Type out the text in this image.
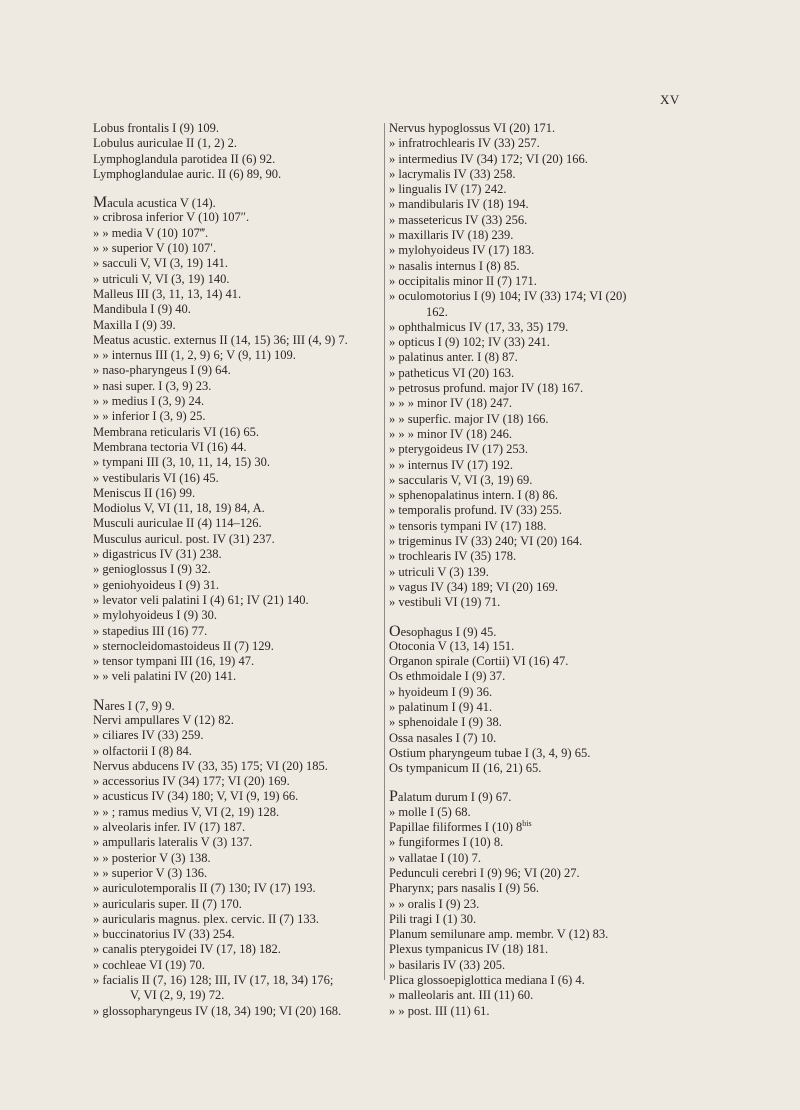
XV
Lobus frontalis I (9) 109.
Lobulus auriculae II (1, 2) 2.
Lymphoglandula parotidea II (6) 92.
Lymphoglandulae auric. II (6) 89, 90.
Macula acustica V (14).
» cribrosa inferior V (10) 107″.
» » media V (10) 107‴.
» » superior V (10) 107′.
» sacculi V, VI (3, 19) 141.
» utriculi V, VI (3, 19) 140.
Malleus III (3, 11, 13, 14) 41.
Mandibula I (9) 40.
Maxilla I (9) 39.
Meatus acustic. externus II (14, 15) 36; III (4, 9) 7.
» » internus III (1, 2, 9) 6; V (9, 11) 109.
» naso-pharyngeus I (9) 64.
» nasi super. I (3, 9) 23.
» » medius I (3, 9) 24.
» » inferior I (3, 9) 25.
Membrana reticularis VI (16) 65.
Membrana tectoria VI (16) 44.
» tympani III (3, 10, 11, 14, 15) 30.
» vestibularis VI (16) 45.
Meniscus II (16) 99.
Modiolus V, VI (11, 18, 19) 84, A.
Musculi auriculae II (4) 114–126.
Musculus auricul. post. IV (31) 237.
» digastricus IV (31) 238.
» genioglossus I (9) 32.
» geniohyoideus I (9) 31.
» levator veli palatini I (4) 61; IV (21) 140.
» mylohyoideus I (9) 30.
» stapedius III (16) 77.
» sternocleidomastoideus II (7) 129.
» tensor tympani III (16, 19) 47.
» » veli palatini IV (20) 141.
Nares I (7, 9) 9.
Nervi ampullares V (12) 82.
» ciliares IV (33) 259.
» olfactorii I (8) 84.
Nervus abducens IV (33, 35) 175; VI (20) 185.
» accessorius IV (34) 177; VI (20) 169.
» acusticus IV (34) 180; V, VI (9, 19) 66.
» » ; ramus medius V, VI (2, 19) 128.
» alveolaris infer. IV (17) 187.
» ampullaris lateralis V (3) 137.
» » posterior V (3) 138.
» » superior V (3) 136.
» auriculotemporalis II (7) 130; IV (17) 193.
» auricularis super. II (7) 170.
» auricularis magnus. plex. cervic. II (7) 133.
» buccinatorius IV (33) 254.
» canalis pterygoidei IV (17, 18) 182.
» cochleae VI (19) 70.
» facialis II (7, 16) 128; III, IV (17, 18, 34) 176;
V, VI (2, 9, 19) 72.
» glossopharyngeus IV (18, 34) 190; VI (20) 168.
Nervus hypoglossus VI (20) 171.
» infratrochlearis IV (33) 257.
» intermedius IV (34) 172; VI (20) 166.
» lacrymalis IV (33) 258.
» lingualis IV (17) 242.
» mandibularis IV (18) 194.
» massetericus IV (33) 256.
» maxillaris IV (18) 239.
» mylohyoideus IV (17) 183.
» nasalis internus I (8) 85.
» occipitalis minor II (7) 171.
» oculomotorius I (9) 104; IV (33) 174; VI (20)
162.
» ophthalmicus IV (17, 33, 35) 179.
» opticus I (9) 102; IV (33) 241.
» palatinus anter. I (8) 87.
» patheticus VI (20) 163.
» petrosus profund. major IV (18) 167.
» » » minor IV (18) 247.
» » superfic. major IV (18) 166.
» » » minor IV (18) 246.
» pterygoideus IV (17) 253.
» » internus IV (17) 192.
» saccularis V, VI (3, 19) 69.
» sphenopalatinus intern. I (8) 86.
» temporalis profund. IV (33) 255.
» tensoris tympani IV (17) 188.
» trigeminus IV (33) 240; VI (20) 164.
» trochlearis IV (35) 178.
» utriculi V (3) 139.
» vagus IV (34) 189; VI (20) 169.
» vestibuli VI (19) 71.
Oesophagus I (9) 45.
Otoconia V (13, 14) 151.
Organon spirale (Cortii) VI (16) 47.
Os ethmoidale I (9) 37.
» hyoideum I (9) 36.
» palatinum I (9) 41.
» sphenoidale I (9) 38.
Ossa nasales I (7) 10.
Ostium pharyngeum tubae I (3, 4, 9) 65.
Os tympanicum II (16, 21) 65.
Palatum durum I (9) 67.
» molle I (5) 68.
Papillae filiformes I (10) $8^{bis}$
» fungiformes I (10) 8.
» vallatae I (10) 7.
Pedunculi cerebri I (9) 96; VI (20) 27.
Pharynx; pars nasalis I (9) 56.
» » oralis I (9) 23.
Pili tragi I (1) 30.
Planum semilunare amp. membr. V (12) 83.
Plexus tympanicus IV (18) 181.
» basilaris IV (33) 205.
Plica glossoepiglottica mediana I (6) 4.
» malleolaris ant. III (11) 60.
» » post. III (11) 61.
